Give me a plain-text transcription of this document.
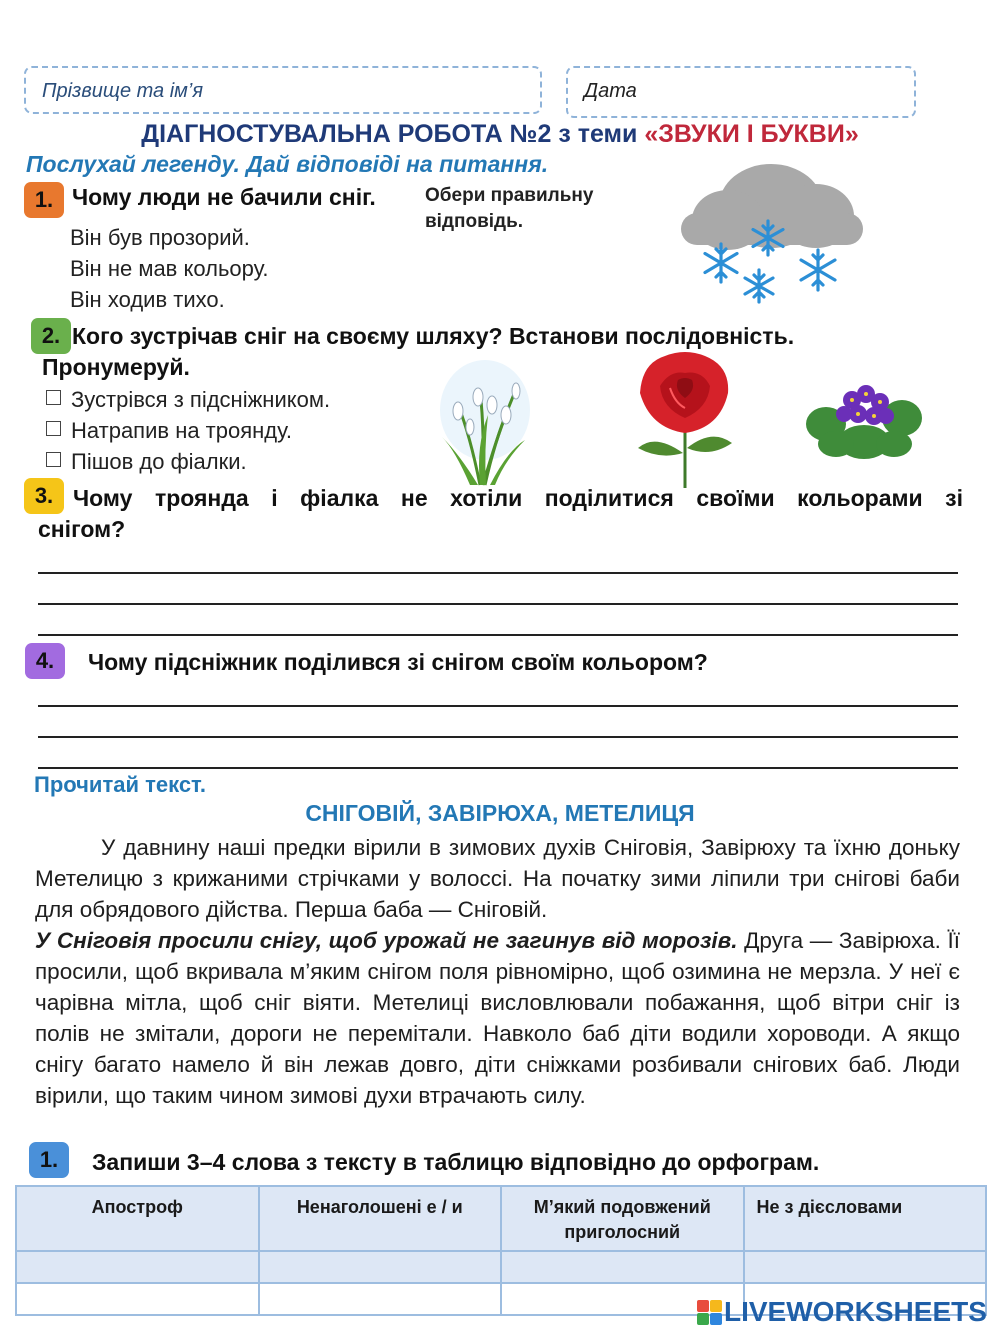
Прізвище та ім’я	Дата
ДІАГНОСТУВАЛЬНА РОБОТА №2 з теми «ЗВУКИ І БУКВИ»
Послухай легенду. Дай відповіді на питання.
1. Чому люди не бачили сніг.	Обери правильну
відповідь.
Він був прозорий.
Він не мав кольору.
Він ходив тихо.
2. Кого зустрічав сніг на своєму шляху? Встанови послідовність.
Пронумеруй.
Зустрівся з підсніжником.
Натрапив на троянду.
Пішов до фіалки.
3. Чому троянда і фіалка не хотіли поділитися своїми кольорами зі
снігом?
4.	Чому підсніжник поділився зі снігом своїм кольором?
Прочитай текст.
СНІГОВІЙ, ЗАВІРЮХА, МЕТЕЛИЦЯ
У давнину наші предки вірили в зимових духів Сніговія, Завірюху та їхню доньку Метелицю з крижаними стрічками у волоссі. На початку зими ліпили три снігові баби для обрядового дійства. Перша баба — Сніговій.
У Сніговія просили снігу, щоб урожай не загинув від морозів. Друга — Завірюха. Її просили, щоб вкривала м’яким снігом поля рівномірно, щоб озимина не мерзла. У неї є чарівна мітла, щоб сніг віяти. Метелиці висловлювали побажання, щоб вітри сніг із полів не змітали, дороги не перемітали. Навколо баб діти водили хороводи. А якщо снігу багато намело й він лежав довго, діти сніжками розбивали снігових баб. Люди вірили, що таким чином зимові духи втрачають силу.
1.	Запиши 3–4 слова з тексту в таблицю відповідно до орфограм.
Апостроф	Ненаголошені е / и	М’який подовжений приголосний	Не з дієсловами

LIVEWORKSHEETS
